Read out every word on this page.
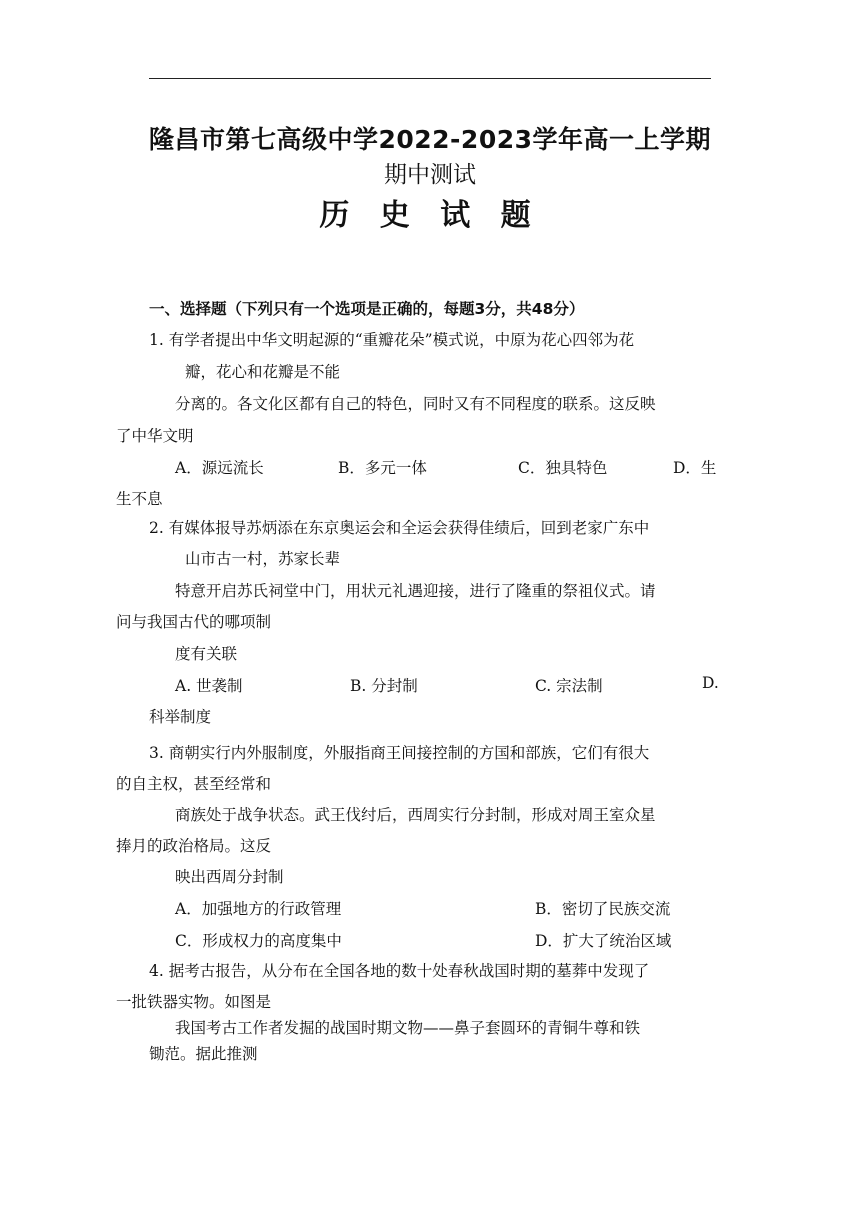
隆昌市第七高级中学2022-2023学年高一上学期
期中测试
历 史 试 题
一、选择题（下列只有一个选项是正确的，每题3分，共48分）
1. 有学者提出中华文明起源的“重瓣花朵”模式说，中原为花心四邻为花
瓣，花心和花瓣是不能
分离的。各文化区都有自己的特色，同时又有不同程度的联系。这反映
了中华文明
A．源远流长	B．多元一体	C．独具特色	D．生
生不息
2. 有媒体报导苏炳添在东京奥运会和全运会获得佳绩后，回到老家广东中
山市古一村，苏家长辈
特意开启苏氏祠堂中门，用状元礼遇迎接，进行了隆重的祭祖仪式。请
问与我国古代的哪项制
度有关联
A. 世袭制	B. 分封制	C. 宗法制	D.
科举制度
3. 商朝实行内外服制度，外服指商王间接控制的方国和部族，它们有很大
的自主权，甚至经常和
商族处于战争状态。武王伐纣后，西周实行分封制，形成对周王室众星
捧月的政治格局。这反
映出西周分封制
A．加强地方的行政管理	B．密切了民族交流
C．形成权力的高度集中	D．扩大了统治区域
4. 据考古报告，从分布在全国各地的数十处春秋战国时期的墓葬中发现了
一批铁器实物。如图是
我国考古工作者发掘的战国时期文物——鼻子套圆环的青铜牛尊和铁
锄范。据此推测
